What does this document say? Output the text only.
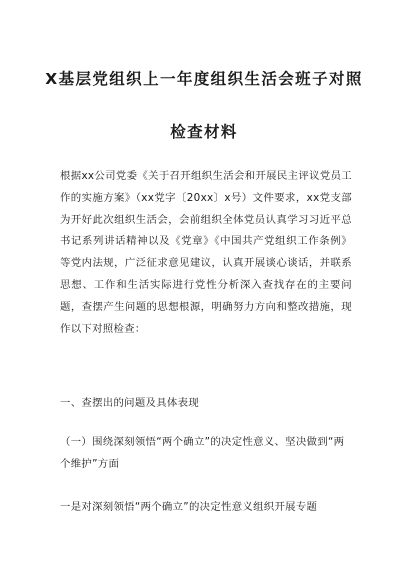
X基层党组织上一年度组织生活会班子对照

检查材料

根据xx公司党委《关于召开组织生活会和开展民主评议党员工作的实施方案》（xx党字〔20xx〕x号）文件要求，xx党支部为开好此次组织生活会，会前组织全体党员认真学习习近平总书记系列讲话精神以及《党章》《中国共产党组织工作条例》等党内法规，广泛征求意见建议，认真开展谈心谈话，并联系思想、工作和生活实际进行党性分析深入查找存在的主要问题，查摆产生问题的思想根源，明确努力方向和整改措施，现作以下对照检查：

一、查摆出的问题及具体表现

（一）围绕深刻领悟“两个确立”的决定性意义、坚决做到“两个维护”方面

一是对深刻领悟“两个确立”的决定性意义组织开展专题
